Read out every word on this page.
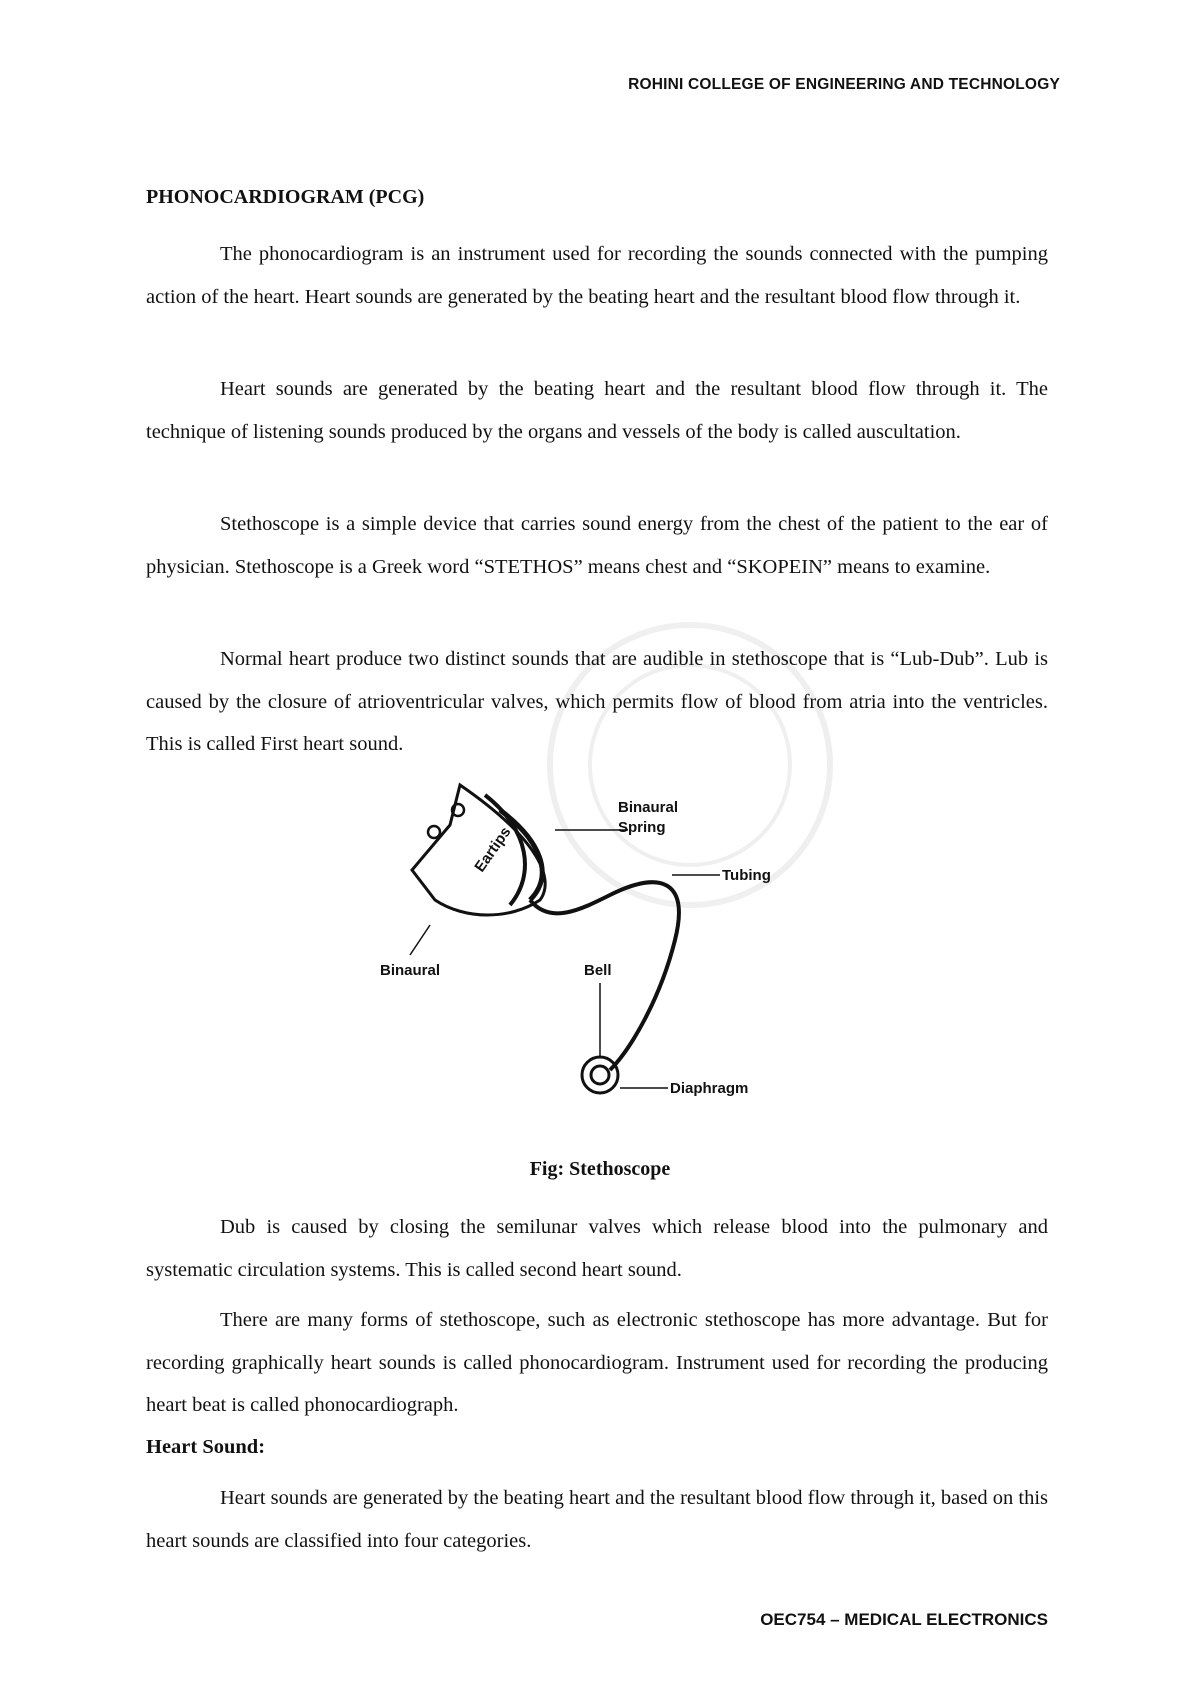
ROHINI COLLEGE OF ENGINEERING AND TECHNOLOGY
PHONOCARDIOGRAM (PCG)

The phonocardiogram is an instrument used for recording the sounds connected with the pumping action of the heart. Heart sounds are generated by the beating heart and the resultant blood flow through it.

Heart sounds are generated by the beating heart and the resultant blood flow through it. The technique of listening sounds produced by the organs and vessels of the body is called auscultation.

Stethoscope is a simple device that carries sound energy from the chest of the patient to the ear of physician. Stethoscope is a Greek word “STETHOS” means chest and “SKOPEIN” means to examine.

Normal heart produce two distinct sounds that are audible in stethoscope that is “Lub-Dub”. Lub is caused by the closure of atrioventricular valves, which permits flow of blood from atria into the ventricles. This is called First heart sound.

Eartips
Binaural
Spring
Tubing
Binaural	Bell
Diaphragm

Fig: Stethoscope

Dub is caused by closing the semilunar valves which release blood into the pulmonary and systematic circulation systems. This is called second heart sound.

There are many forms of stethoscope, such as electronic stethoscope has more advantage. But for recording graphically heart sounds is called phonocardiogram. Instrument used for recording the producing heart beat is called phonocardiograph.

Heart Sound:

Heart sounds are generated by the beating heart and the resultant blood flow through it, based on this heart sounds are classified into four categories.

OEC754 – MEDICAL ELECTRONICS
